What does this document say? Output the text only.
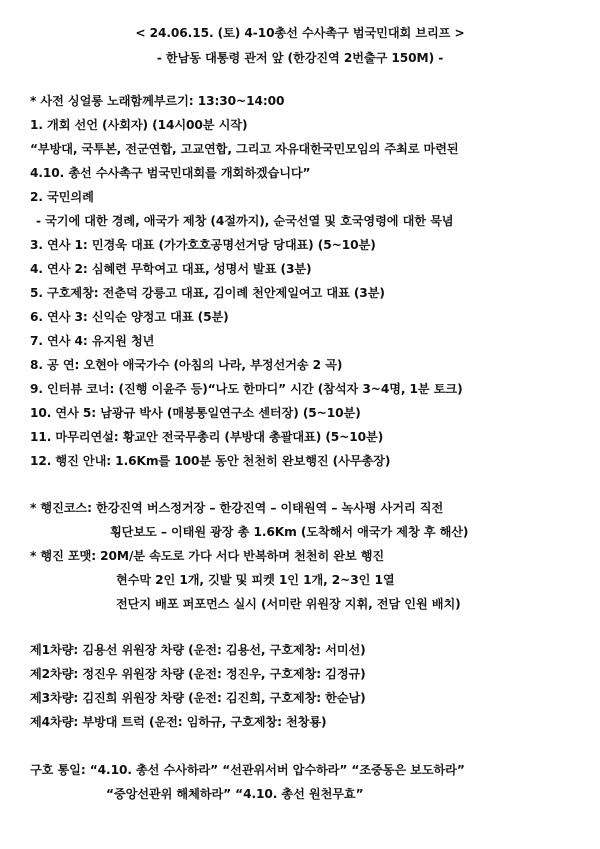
< 24.06.15. (토) 4-10총선 수사촉구 범국민대회 브리프 >
- 한남동 대통령 관저 앞 (한강진역 2번출구 150M) -
* 사전 싱얼롱 노래함께부르기: 13:30~14:00
1. 개회 선언 (사회자) (14시00분 시작)
“부방대, 국투본, 전군연합, 고교연합, 그리고 자유대한국민모임의 주최로 마련된
4.10. 총선 수사촉구 범국민대회를 개회하겠습니다”
2. 국민의례
- 국기에 대한 경례, 애국가 제창 (4절까지), 순국선열 및 호국영령에 대한 묵념
3. 연사 1: 민경욱 대표 (가가호호공명선거당 당대표) (5~10분)
4. 연사 2: 심혜련 무학여고 대표, 성명서 발표 (3분)
5. 구호제창: 전춘덕 강릉고 대표, 김이례 천안제일여고 대표 (3분)
6. 연사 3: 신익순 양정고 대표 (5분)
7. 연사 4: 유지원 청년
8. 공 연: 오현아 애국가수 (아침의 나라, 부정선거송 2 곡)
9. 인터뷰 코너: (진행 이윤주 등)“나도 한마디” 시간 (참석자 3~4명, 1분 토크)
10. 연사 5: 남광규 박사 (매봉통일연구소 센터장) (5~10분)
11. 마무리연설: 황교안 전국무총리 (부방대 총괄대표) (5~10분)
12. 행진 안내: 1.6Km를 100분 동안 천천히 완보행진 (사무총장)
* 행진코스: 한강진역 버스정거장 – 한강진역 – 이태원역 – 녹사평 사거리 직전
횡단보도 – 이태원 광장 총 1.6Km (도착해서 애국가 제창 후 해산)
* 행진 포맷: 20M/분 속도로 가다 서다 반복하며 천천히 완보 행진
현수막 2인 1개, 깃발 및 피켓 1인 1개, 2~3인 1열
전단지 배포 퍼포먼스 실시 (서미란 위원장 지휘, 전담 인원 배치)
제1차량: 김용선 위원장 차량 (운전: 김용선, 구호제창: 서미선)
제2차량: 정진우 위원장 차량 (운전: 정진우, 구호제창: 김정규)
제3차량: 김진희 위원장 차량 (운전: 김진희, 구호제창: 한순남)
제4차량: 부방대 트럭 (운전: 임하규, 구호제창: 천창룡)
구호 통일: “4.10. 총선 수사하라” “선관위서버 압수하라” “조중동은 보도하라”
“중앙선관위 해체하라” “4.10. 총선 원천무효”
